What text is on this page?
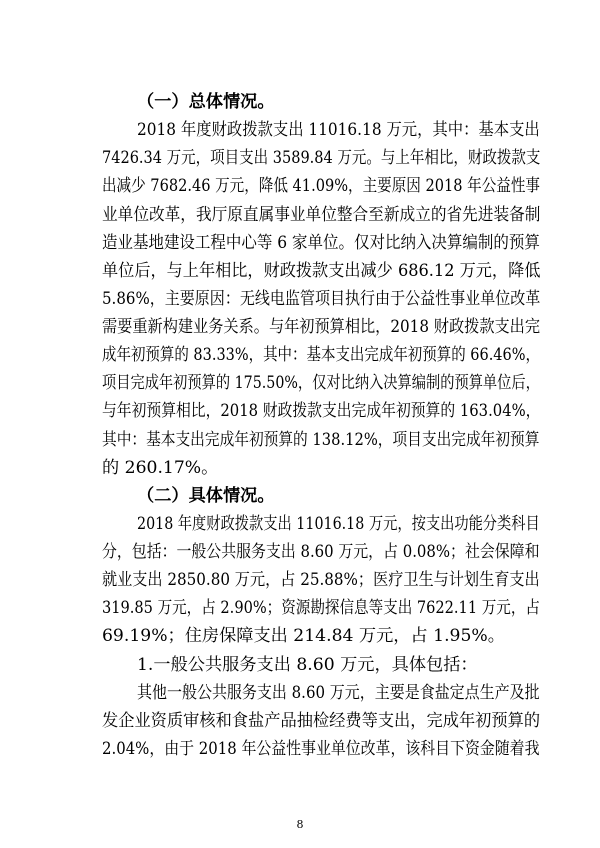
（一）总体情况。
2018 年度财政拨款支出 11016.18 万元，其中：基本支出
7426.34 万元，项目支出 3589.84 万元。与上年相比，财政拨款支
出减少 7682.46 万元，降低 41.09%，主要原因 2018 年公益性事
业单位改革，我厅原直属事业单位整合至新成立的省先进装备制
造业基地建设工程中心等 6 家单位。仅对比纳入决算编制的预算
单位后，与上年相比，财政拨款支出减少 686.12 万元，降低
5.86%，主要原因：无线电监管项目执行由于公益性事业单位改革
需要重新构建业务关系。与年初预算相比，2018 财政拨款支出完
成年初预算的 83.33%，其中：基本支出完成年初预算的 66.46%，
项目完成年初预算的 175.50%，仅对比纳入决算编制的预算单位后，
与年初预算相比，2018 财政拨款支出完成年初预算的 163.04%，
其中：基本支出完成年初预算的 138.12%，项目支出完成年初预算
的 260.17%。
（二）具体情况。
2018 年度财政拨款支出 11016.18 万元，按支出功能分类科目
分，包括：一般公共服务支出 8.60 万元，占 0.08%；社会保障和
就业支出 2850.80 万元，占 25.88%；医疗卫生与计划生育支出
319.85 万元，占 2.90%；资源勘探信息等支出 7622.11 万元，占
69.19%；住房保障支出 214.84 万元，占 1.95%。
1.一般公共服务支出 8.60 万元，具体包括：
其他一般公共服务支出 8.60 万元，主要是食盐定点生产及批
发企业资质审核和食盐产品抽检经费等支出，完成年初预算的
2.04%，由于 2018 年公益性事业单位改革，该科目下资金随着我
8
